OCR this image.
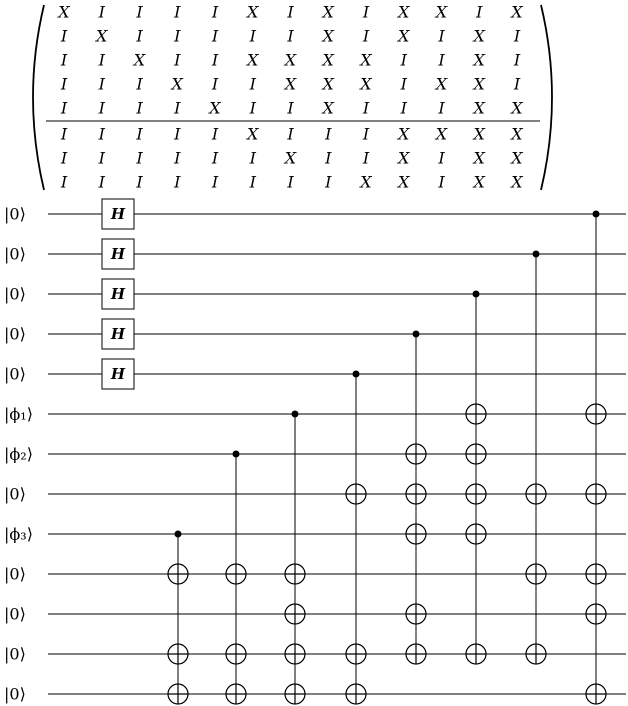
X I I I I X I X I X X I X
I X I I I I I X I X I X I
I I X I I X X X X I I X I
I I I X I I X X X I X X I
I I I I X I I X I I I X X
I I I I I X I I I X X X X
I I I I I I X I I X I X X
I I I I I I I I X X I X X
|0⟩
|0⟩
|0⟩
|0⟩
|0⟩
|ϕ₁⟩
|ϕ₂⟩
|0⟩
|ϕ₃⟩
|0⟩
|0⟩
|0⟩
|0⟩
H
H
H
H
H
